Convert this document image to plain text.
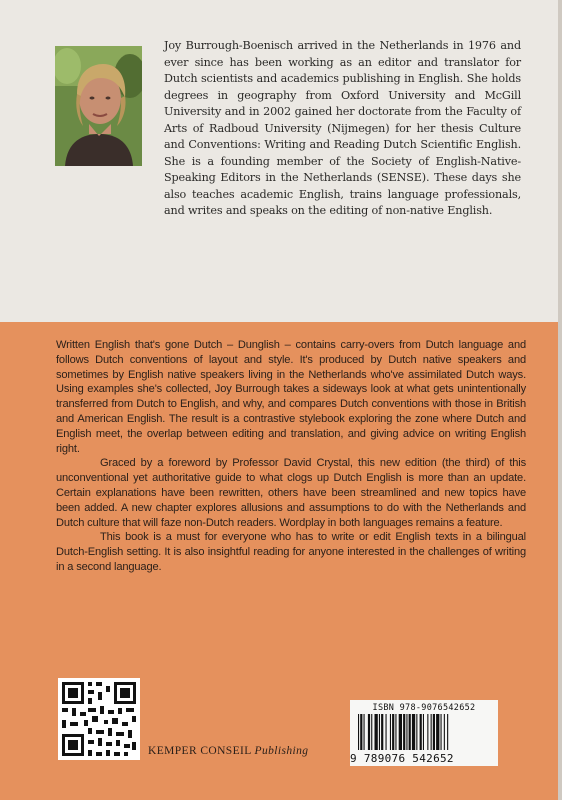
Joy Burrough-Boenisch arrived in the Netherlands in 1976 and ever since has been working as an editor and translator for Dutch scientists and academics publishing in English. She holds degrees in geography from Oxford University and McGill University and in 2002 gained her doctorate from the Faculty of Arts of Radboud University (Nijmegen) for her thesis Culture and Conventions: Writing and Reading Dutch Scientific English. She is a founding member of the Society of English-Native-Speaking Editors in the Netherlands (SENSE). These days she also teaches academic English, trains language professionals, and writes and speaks on the editing of non-native English.

Written English that's gone Dutch – Dunglish – contains carry-overs from Dutch language and follows Dutch conventions of layout and style. It's produced by Dutch native speakers and sometimes by English native speakers living in the Netherlands who've assimilated Dutch ways. Using examples she's collected, Joy Burrough takes a sideways look at what gets unintentionally transferred from Dutch to English, and why, and compares Dutch conventions with those in British and American English. The result is a contrastive stylebook exploring the zone where Dutch and English meet, the overlap between editing and translation, and giving advice on writing English right.

Graced by a foreword by Professor David Crystal, this new edition (the third) of this unconventional yet authoritative guide to what clogs up Dutch English is more than an update. Certain explanations have been rewritten, others have been streamlined and new topics have been added. A new chapter explores allusions and assumptions to do with the Netherlands and Dutch culture that will faze non-Dutch readers. Wordplay in both languages remains a feature.

This book is a must for everyone who has to write or edit English texts in a bilingual Dutch-English setting. It is also insightful reading for anyone interested in the challenges of writing in a second language.

KEMPER CONSEIL Publishing
ISBN 978-9076542652
9 789076 542652
